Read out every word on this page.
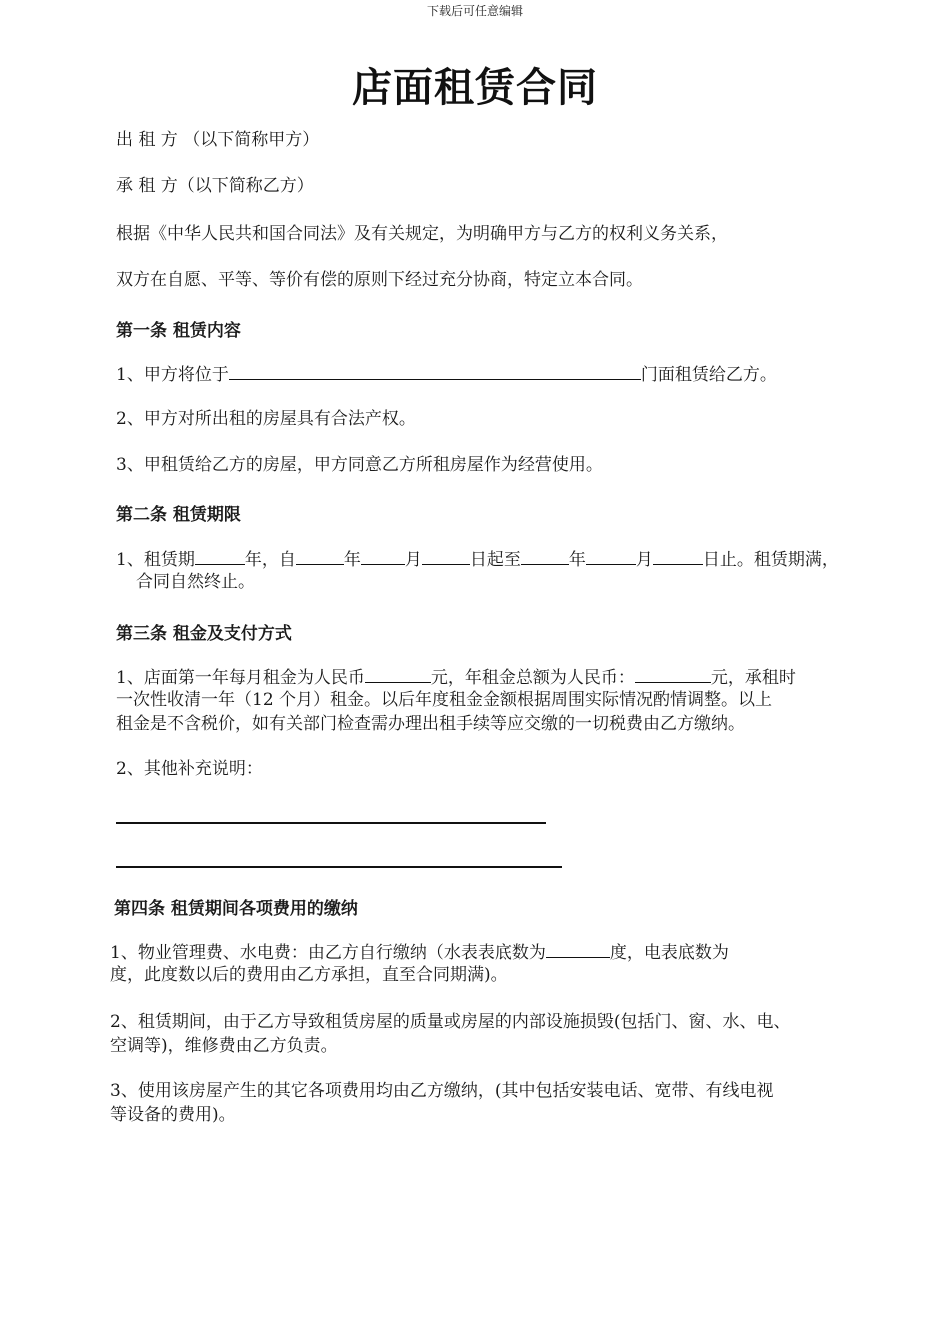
下载后可任意编辑
店面租赁合同
出 租 方 （以下简称甲方）
承 租 方（以下简称乙方）
根据《中华人民共和国合同法》及有关规定，为明确甲方与乙方的权利义务关系，
双方在自愿、平等、等价有偿的原则下经过充分协商，特定立本合同。
第一条 租赁内容
1、甲方将位于	门面租赁给乙方。
2、甲方对所出租的房屋具有合法产权。
3、甲租赁给乙方的房屋，甲方同意乙方所租房屋作为经营使用。
第二条 租赁期限
1、租赁期	年，自	年	月	日起至	年	月	日止。租赁期满，
合同自然终止。
第三条 租金及支付方式
1、店面第一年每月租金为人民币	元，年租金总额为人民币：	元，承租时
一次性收清一年（12 个月）租金。以后年度租金金额根据周围实际情况酌情调整。以上
租金是不含税价，如有关部门检查需办理出租手续等应交缴的一切税费由乙方缴纳。
2、其他补充说明：
第四条 租赁期间各项费用的缴纳
1、物业管理费、水电费：由乙方自行缴纳（水表表底数为	度，电表底数为
度，此度数以后的费用由乙方承担，直至合同期满)。
2、租赁期间，由于乙方导致租赁房屋的质量或房屋的内部设施损毁(包括门、窗、水、电、
空调等)，维修费由乙方负责。
3、使用该房屋产生的其它各项费用均由乙方缴纳，(其中包括安装电话、宽带、有线电视
等设备的费用)。
